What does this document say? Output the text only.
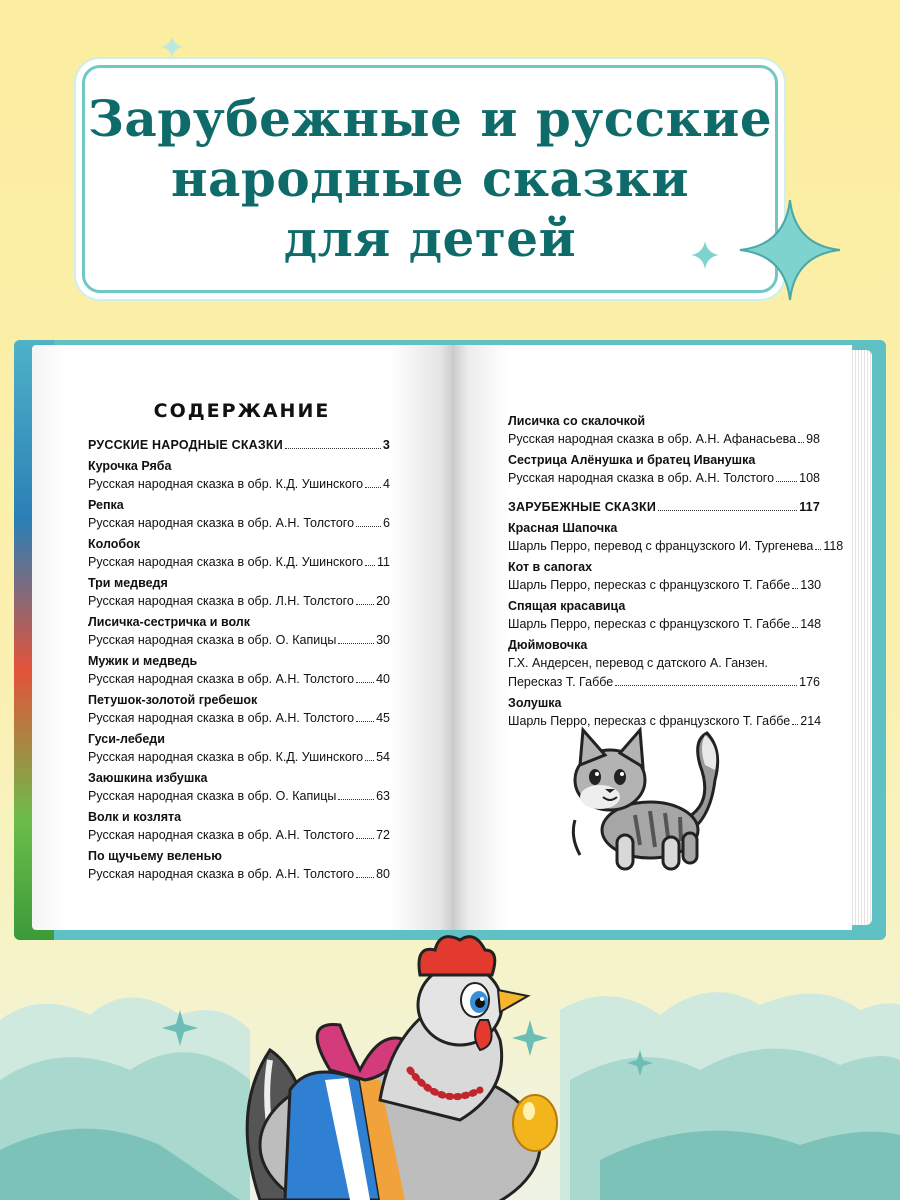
Зарубежные и русские
народные сказки
для детей
СОДЕРЖАНИЕ
РУССКИЕ НАРОДНЫЕ СКАЗКИ	3
Курочка Ряба
Русская народная сказка в обр. К.Д. Ушинского 4
Репка
Русская народная сказка в обр. А.Н. Толстого 6
Колобок
Русская народная сказка в обр. К.Д. Ушинского 11
Три медведя
Русская народная сказка в обр. Л.Н. Толстого 20
Лисичка-сестричка и волк
Русская народная сказка в обр. О. Капицы	30
Мужик и медведь
Русская народная сказка в обр. А.Н. Толстого 40
Петушок-золотой гребешок
Русская народная сказка в обр. А.Н. Толстого 45
Гуси-лебеди
Русская народная сказка в обр. К.Д. Ушинского 54
Заюшкина избушка
Русская народная сказка в обр. О. Капицы	63
Волк и козлята
Русская народная сказка в обр. А.Н. Толстого 72
По щучьему веленью
Русская народная сказка в обр. А.Н. Толстого 80
Лисичка со скалочкой
Русская народная сказка в обр. А.Н. Афанасьева 98
Сестрица Алёнушка и братец Иванушка
Русская народная сказка в обр. А.Н. Толстого 108
ЗАРУБЕЖНЫЕ СКАЗКИ	117
Красная Шапочка
Шарль Перро, перевод с французского И. Тургенева 118
Кот в сапогах
Шарль Перро, пересказ с французского Т. Габбе 130
Спящая красавица
Шарль Перро, пересказ с французского Т. Габбе 148
Дюймовочка
Г.Х. Андерсен, перевод с датского А. Ганзен.
Пересказ Т. Габбе	176
Золушка
Шарль Перро, пересказ с французского Т. Габбе 214
